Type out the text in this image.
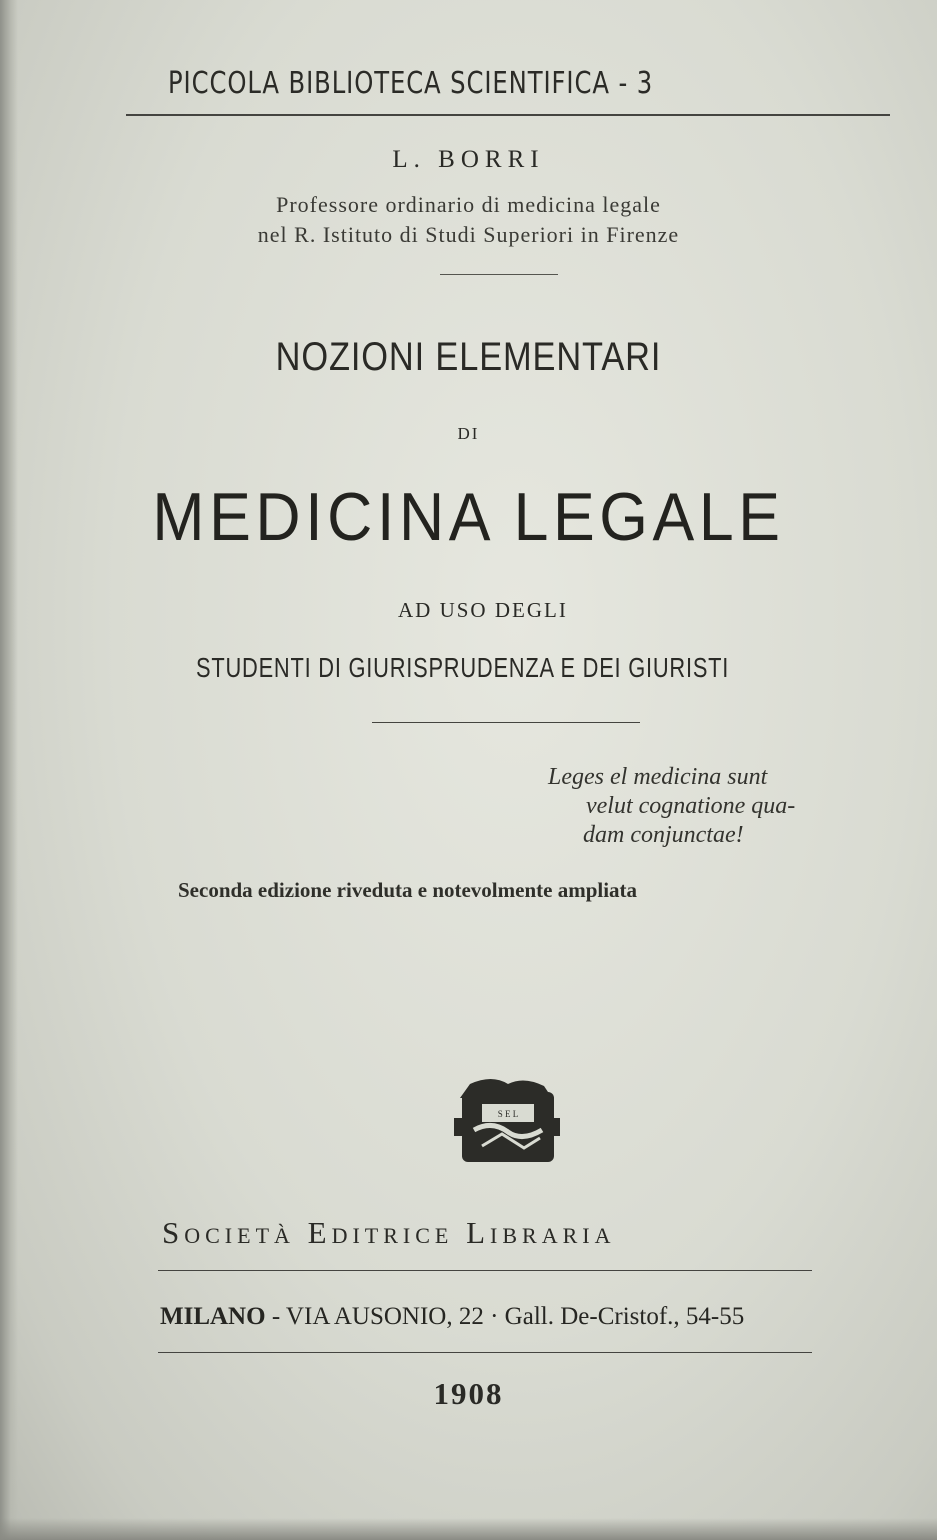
PICCOLA BIBLIOTECA SCIENTIFICA - 3
L. BORRI
Professore ordinario di medicina legale
nel R. Istituto di Studi Superiori in Firenze
NOZIONI ELEMENTARI
DI
MEDICINA LEGALE
AD USO DEGLI
STUDENTI DI GIURISPRUDENZA E DEI GIURISTI
Leges el medicina sunt
velut cognatione qua-
dam conjunctae!
Seconda edizione riveduta e notevolmente ampliata
S E L
Società Editrice Libraria
MILANO - VIA AUSONIO, 22 · Gall. De-Cristof., 54-55
1908
